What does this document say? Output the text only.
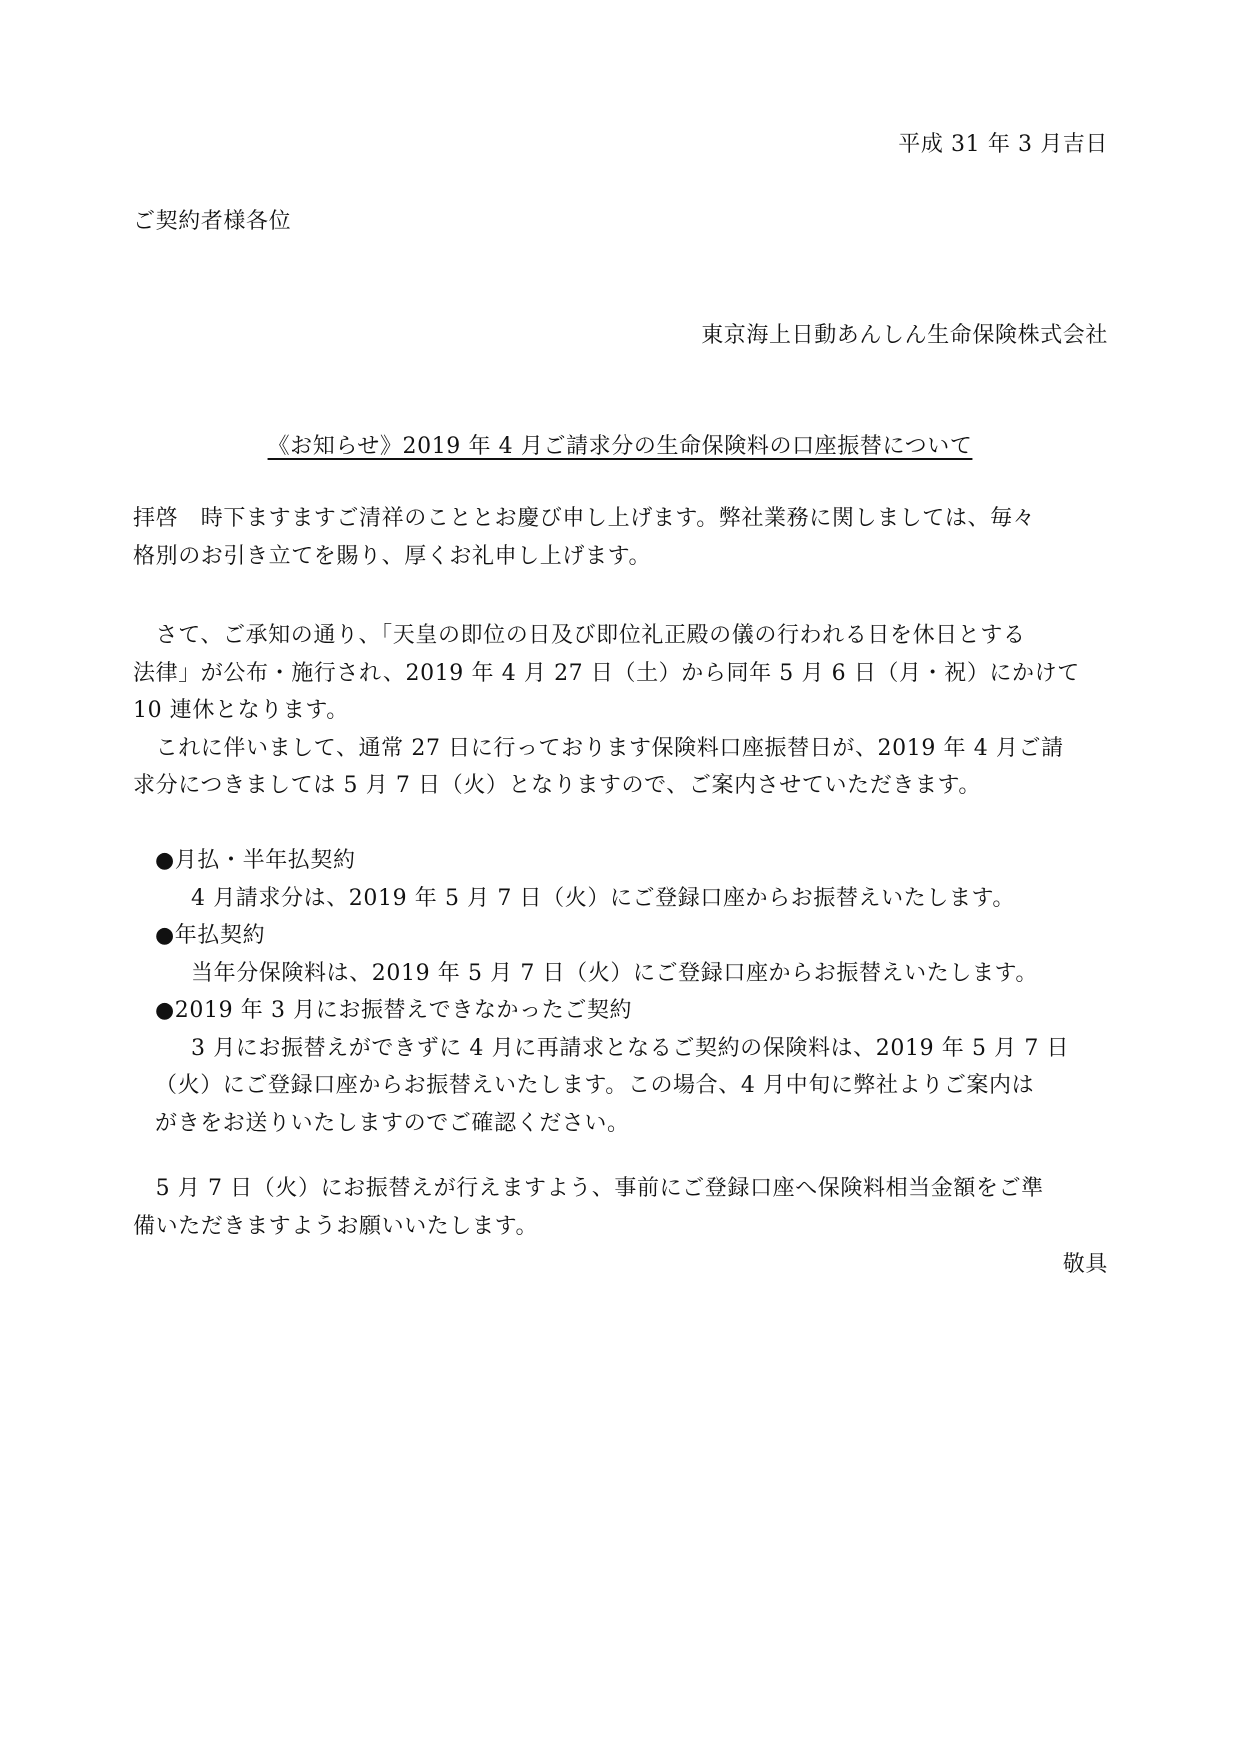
平成 31 年 3 月吉日
ご契約者様各位
東京海上日動あんしん生命保険株式会社
《お知らせ》2019 年 4 月ご請求分の生命保険料の口座振替について
拝啓　時下ますますご清祥のこととお慶び申し上げます。弊社業務に関しましては、毎々
格別のお引き立てを賜り、厚くお礼申し上げます。
　さて、ご承知の通り、「天皇の即位の日及び即位礼正殿の儀の行われる日を休日とする
法律」が公布・施行され、2019 年 4 月 27 日（土）から同年 5 月 6 日（月・祝）にかけて
10 連休となります。
　これに伴いまして、通常 27 日に行っております保険料口座振替日が、2019 年 4 月ご請
求分につきましては 5 月 7 日（火）となりますので、ご案内させていただきます。
●月払・半年払契約
4 月請求分は、2019 年 5 月 7 日（火）にご登録口座からお振替えいたします。
●年払契約
当年分保険料は、2019 年 5 月 7 日（火）にご登録口座からお振替えいたします。
●2019 年 3 月にお振替えできなかったご契約
3 月にお振替えができずに 4 月に再請求となるご契約の保険料は、2019 年 5 月 7 日
（火）にご登録口座からお振替えいたします。この場合、4 月中旬に弊社よりご案内は
がきをお送りいたしますのでご確認ください。
　5 月 7 日（火）にお振替えが行えますよう、事前にご登録口座へ保険料相当金額をご準
備いただきますようお願いいたします。
敬具
